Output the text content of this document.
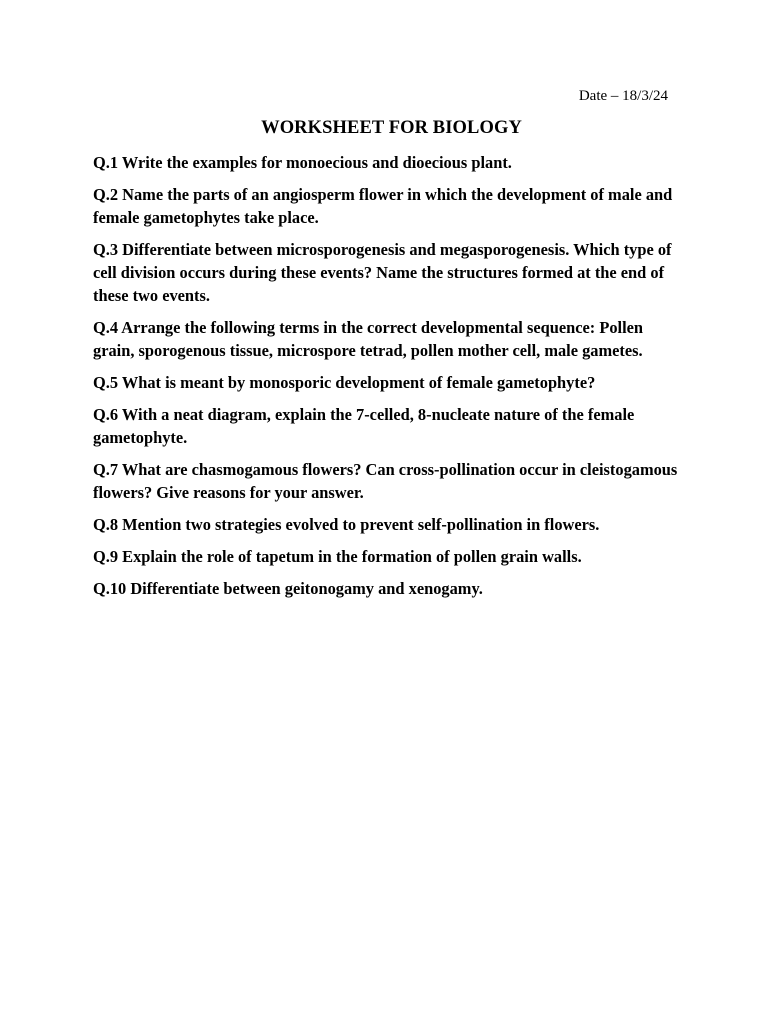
Date – 18/3/24
WORKSHEET FOR BIOLOGY
Q.1 Write the examples for monoecious and dioecious plant.
Q.2 Name the parts of an angiosperm flower in which the development of male and female gametophytes take place.
Q.3 Differentiate between microsporogenesis and megasporogenesis. Which type of cell division occurs during these events? Name the structures formed at the end of these two events.
Q.4 Arrange the following terms in the correct developmental sequence: Pollen grain, sporogenous tissue, microspore tetrad, pollen mother cell, male gametes.
Q.5 What is meant by monosporic development of female gametophyte?
Q.6 With a neat diagram, explain the 7-celled, 8-nucleate nature of the female gametophyte.
Q.7 What are chasmogamous flowers? Can cross-pollination occur in cleistogamous flowers? Give reasons for your answer.
Q.8 Mention two strategies evolved to prevent self-pollination in flowers.
Q.9 Explain the role of tapetum in the formation of pollen grain walls.
Q.10 Differentiate between geitonogamy and xenogamy.
